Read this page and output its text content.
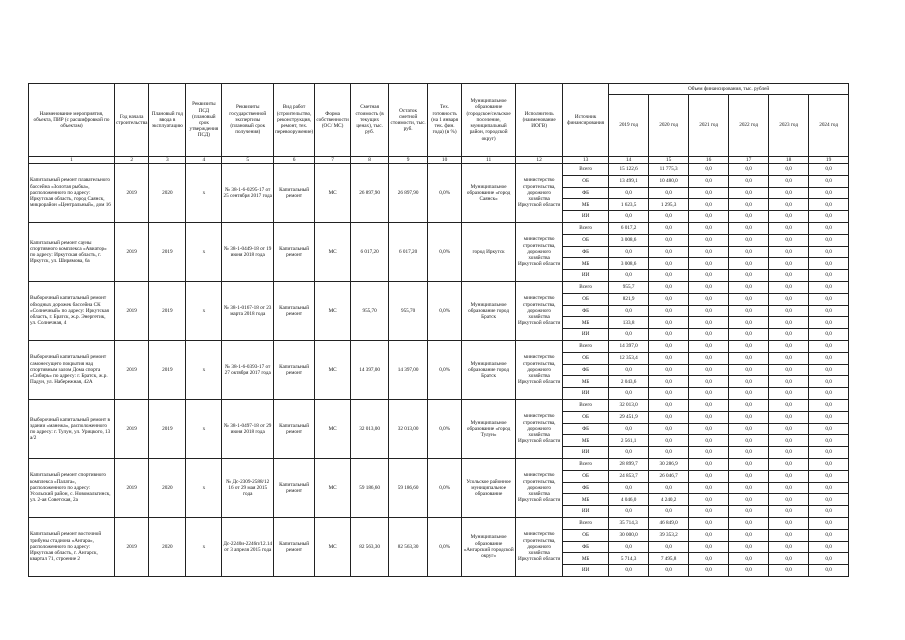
Наименование мероприятия, объекта, ПИР (с расшифровкой по объектам)	Год начала строительства	Плановый год ввода в эксплуатацию	Реквизиты ПСД (плановый срок утверждения ПСД)	Реквизиты государственной экспертизы (плановый срок получения)	Вид работ (строительство, реконструкция, ремонт, тех. перевооружение)	Форма собственности (ОС/ МС)	Сметная стоимость (в текущих ценах), тыс. руб.	Остаток сметной стоимости, тыс. руб.	Тех. готовность (на 1 января тек. фин. года) (в %)	Муниципальное образование (городское/сельское поселение, муниципальный район, городской округ)	Исполнитель (наименование ИОГВ)	Источник финансирования	Объем финансирования, тыс. рублей					
													2019 год	2020 год	2021 год	2022 год	2023 год	2024 год
1	2	3	4	5	6	7	8	9	10	11	12	13	14	15	16	17	18	19
Капитальный ремонт плавательного бассейна «Золотая рыбка», расположенного по адресу: Иркутская область, город Саянск, микрорайон «Центральный», дом 16	2019	2020	х	№ 38-1-6-0295-17 от 25 сентября 2017 года	Капитальный ремонт	МС	26 897,90	26 897,90	0,0%	Муниципальное образование «город Саянск»	министерство строительства, дорожного хозяйства Иркутской области	Всего	15 122,6	11 775,3	0,0	0,0	0,0	0,0
												ОБ	13 499,1	10 480,0	0,0	0,0	0,0	0,0
												ФБ	0,0	0,0	0,0	0,0	0,0	0,0
												МБ	1 623,5	1 295,3	0,0	0,0	0,0	0,0
												ИИ	0,0	0,0	0,0	0,0	0,0	0,0
Капитальный ремонт сауны спортивного комплекса «Авиатор» по адресу: Иркутская область, г. Иркутск, ул. Ширямова, 6а	2019	2019	х	№ 38-1-0449-18 от 19 июня 2018 года	Капитальный ремонт	МС	6 017,20	6 017,20	0,0%	город Иркутск	министерство строительства, дорожного хозяйства Иркутской области	Всего	6 017,2	0,0	0,0	0,0	0,0	0,0
												ОБ	3 008,6	0,0	0,0	0,0	0,0	0,0
												ФБ	0,0	0,0	0,0	0,0	0,0	0,0
												МБ	3 008,6	0,0	0,0	0,0	0,0	0,0
												ИИ	0,0	0,0	0,0	0,0	0,0	0,0
Выборочный капитальный ремонт обходных дорожек бассейна СК «Солнечный» по адресу: Иркутская область, г. Братск, ж.р. Энергетик, ул. Солнечная, 4	2019	2019	х	№ 38-1-0167-18 от 23 марта 2018 года	Капитальный ремонт	МС	955,70	955,70	0,0%	Муниципальное образование город Братск	министерство строительства, дорожного хозяйства Иркутской области	Всего	955,7	0,0	0,0	0,0	0,0	0,0
												ОБ	821,9	0,0	0,0	0,0	0,0	0,0
												ФБ	0,0	0,0	0,0	0,0	0,0	0,0
												МБ	133,8	0,0	0,0	0,0	0,0	0,0
												ИИ	0,0	0,0	0,0	0,0	0,0	0,0
Выборочный капитальный ремонт самонесущего покрытия над спортивным залом Дома спорта «Сибирь» по адресу: г. Братск, ж.р. Падун, ул. Набережная, 42А	2019	2019	х	№ 38-1-6-0393-17 от 27 октября 2017 года	Капитальный ремонт	МС	14 397,00	14 397,00	0,0%	Муниципальное образование город Братск	министерство строительства, дорожного хозяйства Иркутской области	Всего	14 397,0	0,0	0,0	0,0	0,0	0,0
												ОБ	12 353,4	0,0	0,0	0,0	0,0	0,0
												ФБ	0,0	0,0	0,0	0,0	0,0	0,0
												МБ	2 043,6	0,0	0,0	0,0	0,0	0,0
												ИИ	0,0	0,0	0,0	0,0	0,0	0,0
Выборочный капитальный ремонт в здании «манежа», расположенного по адресу: г. Тулун, ул. Урицкого, 13 а/2	2019	2019	х	№ 38-1-0497-18 от 29 июня 2018 года	Капитальный ремонт	МС	32 013,00	32 013,00	0,0%	Муниципальное образование «город Тулун»	министерство строительства, дорожного хозяйства Иркутской области	Всего	32 013,0	0,0	0,0	0,0	0,0	0,0
												ОБ	29 451,9	0,0	0,0	0,0	0,0	0,0
												ФБ	0,0	0,0	0,0	0,0	0,0	0,0
												МБ	2 561,1	0,0	0,0	0,0	0,0	0,0
												ИИ	0,0	0,0	0,0	0,0	0,0	0,0
Капитальный ремонт спортивного комплекса «Палата», расположенного по адресу: Усольский район, с. Новомальтинск, ул. 2-ая Советская, 2а	2019	2020	х	№ Дс-2309-2588/12 16 от 29 мая 2015 года	Капитальный ремонт	МС	59 186,60	59 186,60	0,0%	Усольское районное муниципальное образование	министерство строительства, дорожного хозяйства Иркутской области	Всего	28 899,7	30 286,9	0,0	0,0	0,0	0,0
												ОБ	24 853,7	26 046,7	0,0	0,0	0,0	0,0
												ФБ	0,0	0,0	0,0	0,0	0,0	0,0
												МБ	4 046,0	4 240,2	0,0	0,0	0,0	0,0
												ИИ	0,0	0,0	0,0	0,0	0,0	0,0
Капитальный ремонт восточной трибуны стадиона «Ангара», расположенного по адресу: Иркутская область, г. Ангарск, квартал 71, строение 2	2019	2020	х	Дс-2240и-2246п/12.14 от 3 апреля 2015 года	Капитальный ремонт	МС	82 563,30	82 563,30	0,0%	Муниципальное образование «Ангарский городской округ»	министерство строительства, дорожного хозяйства Иркутской области	Всего	35 714,3	46 849,0	0,0	0,0	0,0	0,0
												ОБ	30 000,0	39 353,2	0,0	0,0	0,0	0,0
												ФБ	0,0	0,0	0,0	0,0	0,0	0,0
												МБ	5 714,3	7 495,8	0,0	0,0	0,0	0,0
												ИИ	0,0	0,0	0,0	0,0	0,0	0,0
